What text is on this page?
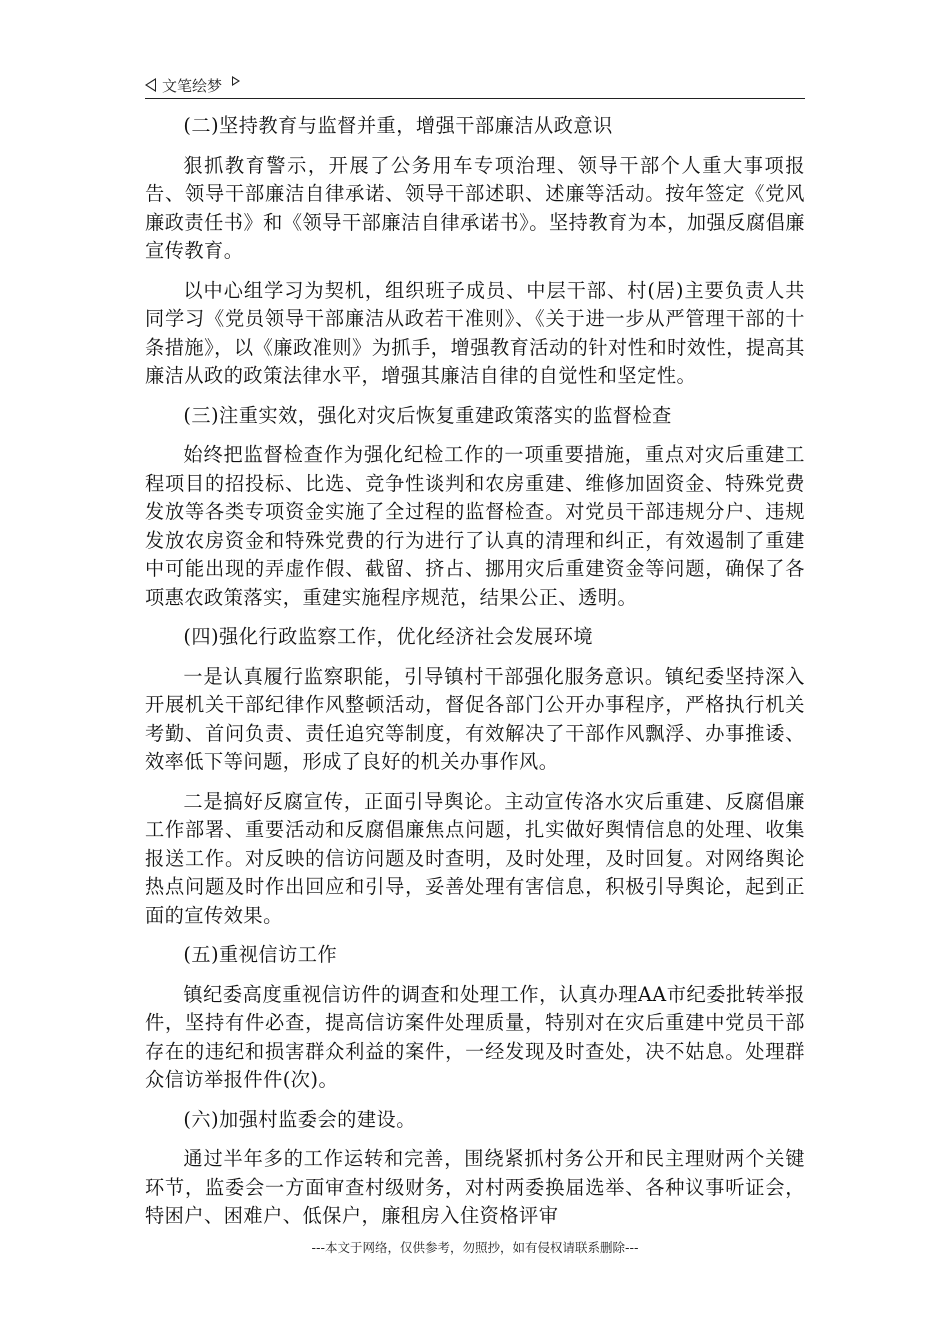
文笔绘梦

(二)坚持教育与监督并重，增强干部廉洁从政意识

狠抓教育警示，开展了公务用车专项治理、领导干部个人重大事项报告、领导干部廉洁自律承诺、领导干部述职、述廉等活动。按年签定《党风廉政责任书》和《领导干部廉洁自律承诺书》。坚持教育为本，加强反腐倡廉宣传教育。

以中心组学习为契机，组织班子成员、中层干部、村(居)主要负责人共同学习《党员领导干部廉洁从政若干准则》、《关于进一步从严管理干部的十条措施》，以《廉政准则》为抓手，增强教育活动的针对性和时效性，提高其廉洁从政的政策法律水平，增强其廉洁自律的自觉性和坚定性。

(三)注重实效，强化对灾后恢复重建政策落实的监督检查

始终把监督检查作为强化纪检工作的一项重要措施，重点对灾后重建工程项目的招投标、比选、竞争性谈判和农房重建、维修加固资金、特殊党费发放等各类专项资金实施了全过程的监督检查。对党员干部违规分户、违规发放农房资金和特殊党费的行为进行了认真的清理和纠正，有效遏制了重建中可能出现的弄虚作假、截留、挤占、挪用灾后重建资金等问题，确保了各项惠农政策落实，重建实施程序规范，结果公正、透明。

(四)强化行政监察工作，优化经济社会发展环境

一是认真履行监察职能，引导镇村干部强化服务意识。镇纪委坚持深入开展机关干部纪律作风整顿活动，督促各部门公开办事程序，严格执行机关考勤、首问负责、责任追究等制度，有效解决了干部作风飘浮、办事推诿、效率低下等问题，形成了良好的机关办事作风。

二是搞好反腐宣传，正面引导舆论。主动宣传洛水灾后重建、反腐倡廉工作部署、重要活动和反腐倡廉焦点问题，扎实做好舆情信息的处理、收集报送工作。对反映的信访问题及时查明，及时处理，及时回复。对网络舆论热点问题及时作出回应和引导，妥善处理有害信息，积极引导舆论，起到正面的宣传效果。

(五)重视信访工作

镇纪委高度重视信访件的调查和处理工作，认真办理AA市纪委批转举报件，坚持有件必查，提高信访案件处理质量，特别对在灾后重建中党员干部存在的违纪和损害群众利益的案件，一经发现及时查处，决不姑息。处理群众信访举报件件(次)。

(六)加强村监委会的建设。

通过半年多的工作运转和完善，围绕紧抓村务公开和民主理财两个关键环节，监委会一方面审查村级财务，对村两委换届选举、各种议事听证会，特困户、困难户、低保户，廉租房入住资格评审

---本文于网络，仅供参考，勿照抄，如有侵权请联系删除---
